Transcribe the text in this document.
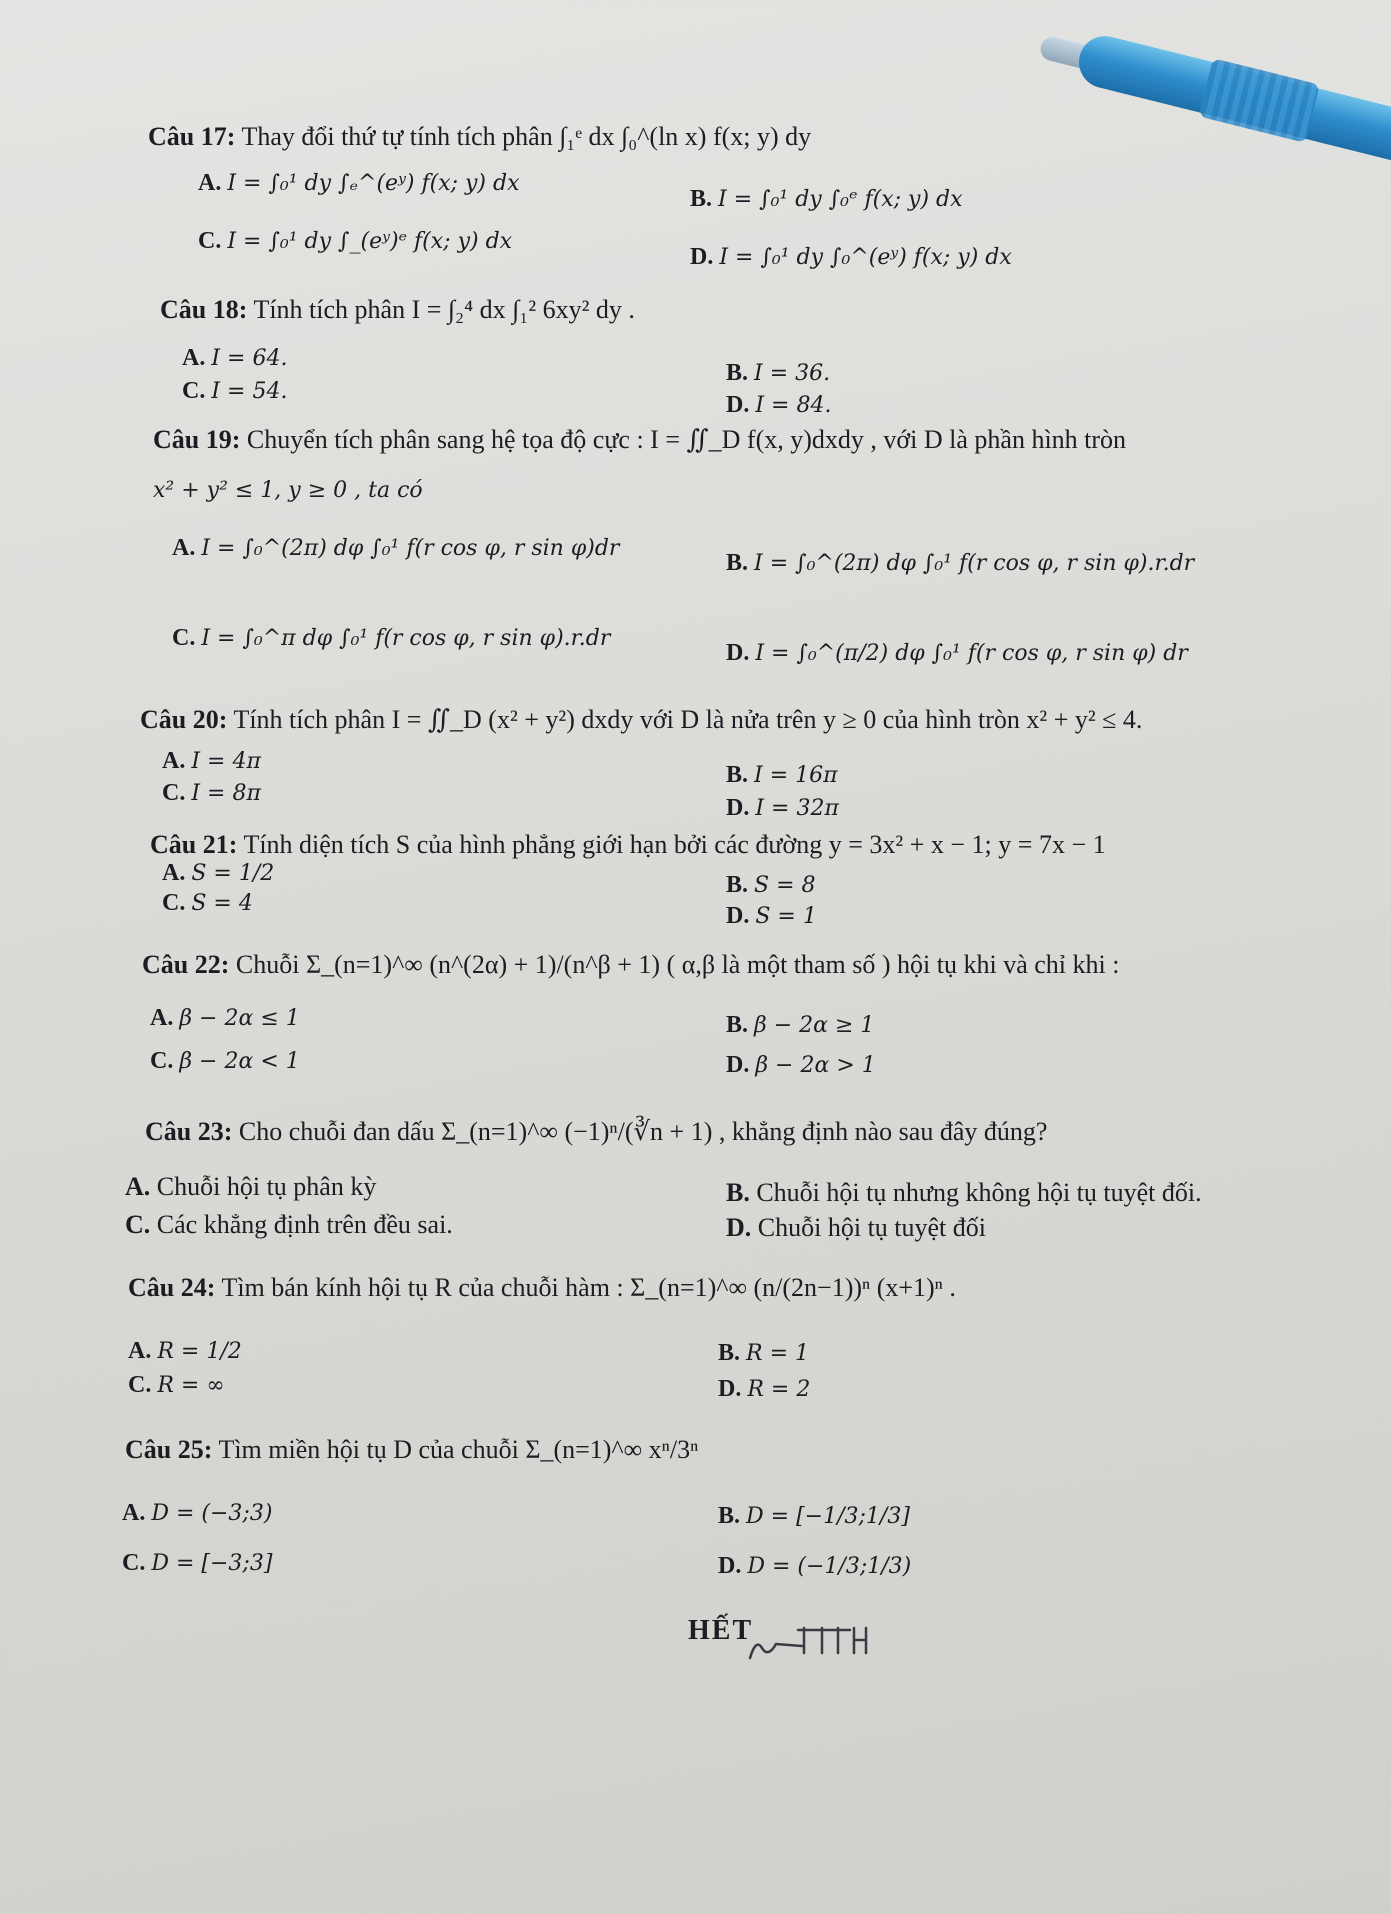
Câu 17: Thay đổi thứ tự tính tích phân ∫₁ᵉ dx ∫₀^(ln x) f(x; y) dy
A. I = ∫₀¹ dy ∫ₑ^(eʸ) f(x; y) dx
B. I = ∫₀¹ dy ∫₀ᵉ f(x; y) dx
C. I = ∫₀¹ dy ∫_(eʸ)ᵉ f(x; y) dx
D. I = ∫₀¹ dy ∫₀^(eʸ) f(x; y) dx
Câu 18: Tính tích phân I = ∫₂⁴ dx ∫₁² 6xy² dy .
A. I = 64.
B. I = 36.
C. I = 54.
D. I = 84.
Câu 19: Chuyển tích phân sang hệ tọa độ cực : I = ∬_D f(x, y)dxdy , với D là phần hình tròn
x² + y² ≤ 1, y ≥ 0 , ta có
A. I = ∫₀^(2π) dφ ∫₀¹ f(r cos φ, r sin φ)dr
B. I = ∫₀^(2π) dφ ∫₀¹ f(r cos φ, r sin φ).r.dr
C. I = ∫₀^π dφ ∫₀¹ f(r cos φ, r sin φ).r.dr
D. I = ∫₀^(π/2) dφ ∫₀¹ f(r cos φ, r sin φ) dr
Câu 20: Tính tích phân I = ∬_D (x² + y²) dxdy với D là nửa trên y ≥ 0 của hình tròn x² + y² ≤ 4.
A. I = 4π
B. I = 16π
C. I = 8π
D. I = 32π
Câu 21: Tính diện tích S của hình phẳng giới hạn bởi các đường y = 3x² + x − 1; y = 7x − 1
A. S = 1/2	B. S = 8
C. S = 4	D. S = 1
Câu 22: Chuỗi Σ_(n=1)^∞ (n^(2α) + 1)/(n^β + 1) ( α,β là một tham số ) hội tụ khi và chỉ khi :
A. β − 2α ≤ 1	B. β − 2α ≥ 1
C. β − 2α < 1	D. β − 2α > 1
Câu 23: Cho chuỗi đan dấu Σ_(n=1)^∞ (−1)ⁿ/(∛n + 1) , khẳng định nào sau đây đúng?
A. Chuỗi hội tụ phân kỳ	B. Chuỗi hội tụ nhưng không hội tụ tuyệt đối.
C. Các khẳng định trên đều sai.	D. Chuỗi hội tụ tuyệt đối
Câu 24: Tìm bán kính hội tụ R của chuỗi hàm : Σ_(n=1)^∞ (n/(2n−1))ⁿ (x+1)ⁿ .
A. R = 1/2	B. R = 1
C. R = ∞	D. R = 2
Câu 25: Tìm miền hội tụ D của chuỗi Σ_(n=1)^∞ xⁿ/3ⁿ
A. D = (−3;3)	B. D = [−1/3;1/3]
C. D = [−3;3]	D. D = (−1/3;1/3)
HẾT
